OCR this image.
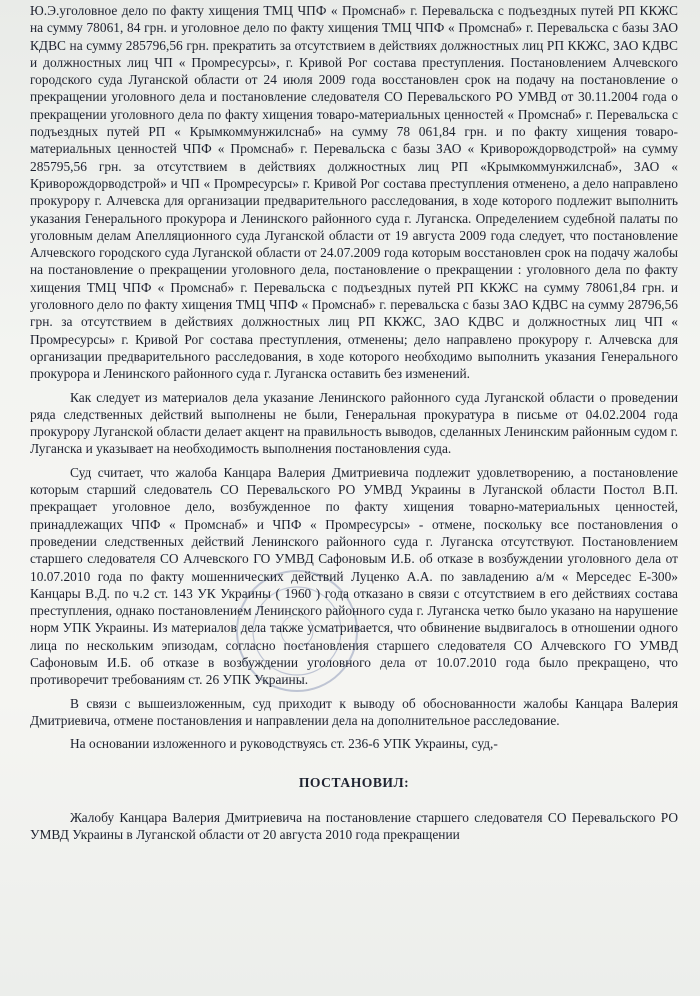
Ю.Э.уголовное дело по факту хищения ТМЦ ЧПФ « Промснаб» г. Перевальска с подъездных путей РП ККЖС на сумму 78061, 84 грн. и уголовное дело по факту хищения ТМЦ ЧПФ « Промснаб» г. Перевальска с базы ЗАО КДВС на сумму 285796,56 грн. прекратить за отсутствием в действиях должностных лиц РП ККЖС, ЗАО КДВС и должностных лиц ЧП « Промресурсы», г. Кривой Рог состава преступления. Постановлением Алчевского городского суда Луганской области от 24 июля 2009 года восстановлен срок на подачу на постановление о прекращении уголовного дела и постановление следователя СО Перевальского РО УМВД от 30.11.2004 года о прекращении уголовного дела по факту хищения товаро-материальных ценностей « Промснаб» г. Перевальска с подъездных путей РП « Крымкоммунжилснаб» на сумму 78 061,84 грн. и по факту хищения товаро-материальных ценностей ЧПФ « Промснаб» г. Перевальска с базы ЗАО « Криворождорводстрой» на сумму 285795,56 грн. за отсутствием в действиях должностных лиц РП «Крымкоммунжилснаб», ЗАО « Криворождорводстрой» и ЧП « Промресурсы» г. Кривой Рог состава преступления отменено, а дело направлено прокурору г. Алчевска для организации предварительного расследования, в ходе которого подлежит выполнить указания Генерального прокурора и Ленинского районного суда г. Луганска. Определением судебной палаты по уголовным делам Апелляционного суда Луганской области от 19 августа 2009 года следует, что постановление Алчевского городского суда Луганской области от 24.07.2009 года которым восстановлен срок на подачу жалобы на постановление о прекращении уголовного дела, постановление о прекращении : уголовного дела по факту хищения ТМЦ ЧПФ « Промснаб» г. Перевальска с подъездных путей РП ККЖС на сумму 78061,84 грн. и уголовного дело по факту хищения ТМЦ ЧПФ « Промснаб» г. перевальска с базы ЗАО КДВС на сумму 28796,56 грн. за отсутствием в действиях должностных лиц РП ККЖС, ЗАО КДВС и должностных лиц ЧП « Промресурсы» г. Кривой Рог состава преступления, отменены; дело направлено прокурору г. Алчевска для организации предварительного расследования, в ходе которого необходимо выполнить указания Генерального прокурора и Ленинского районного суда г. Луганска оставить без изменений.

Как следует из материалов дела указание Ленинского районного суда Луганской области о проведении ряда следственных действий выполнены не были, Генеральная прокуратура в письме от 04.02.2004 года прокурору Луганской области делает акцент на правильность выводов, сделанных Ленинским районным судом г. Луганска и указывает на необходимость выполнения постановления суда.

Суд считает, что жалоба Канцара Валерия Дмитриевича подлежит удовлетворению, а постановление которым старший следователь СО Перевальского РО УМВД Украины в Луганской области Постол В.П. прекращает уголовное дело, возбужденное по факту хищения товарно-материальных ценностей, принадлежащих ЧПФ « Промснаб» и ЧПФ « Промресурсы» - отмене, поскольку все постановления о проведении следственных действий Ленинского районного суда г. Луганска отсутствуют. Постановлением старшего следователя СО Алчевского ГО УМВД Сафоновым И.Б. об отказе в возбуждении уголовного дела от 10.07.2010 года по факту мошеннических действий Луценко А.А. по завладению а/м « Мерседес Е-300» Канцары В.Д. по ч.2 ст. 143 УК Украины ( 1960 ) года отказано в связи с отсутствием в его действиях состава преступления, однако постановлением Ленинского районного суда г. Луганска четко было указано на нарушение норм УПК Украины. Из материалов дела также усматривается, что обвинение выдвигалось в отношении одного лица по нескольким эпизодам, согласно постановления старшего следователя СО Алчевского ГО УМВД Сафоновым И.Б. об отказе в возбуждении уголовного дела от 10.07.2010 года было прекращено, что противоречит требованиям ст. 26 УПК Украины.

В связи с вышеизложенным, суд приходит к выводу об обоснованности жалобы Канцара Валерия Дмитриевича, отмене постановления и направлении дела на дополнительное расследование.

На основании изложенного и руководствуясь ст. 236-6 УПК Украины, суд,-

ПОСТАНОВИЛ:

Жалобу Канцара Валерия Дмитриевича на постановление старшего следователя СО Перевальского РО УМВД Украины в Луганской области от 20 августа 2010 года прекращении
